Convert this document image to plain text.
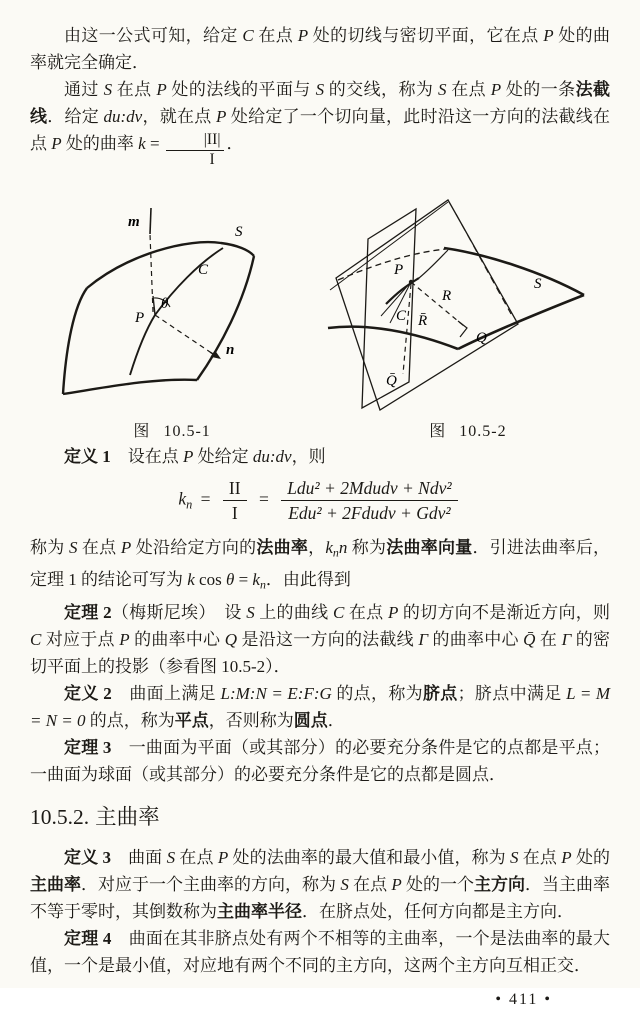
由这一公式可知，给定 C 在点 P 处的切线与密切平面，它在点 P 处的曲率就完全确定．

通过 S 在点 P 处的法线的平面与 S 的交线，称为 S 在点 P 处的一条法截线．给定 du:dv，就在点 P 处给定了一个切向量，此时沿这一方向的法截线在点 P 处的曲率 $k = \frac{|II|}{I}$ ．

m
S
C
P
θ
n
图 10.5-1
P
R
R̄
C
Q
Q̄
S
图 10.5-2

定义 1　设在点 P 处给定 du:dv，则

$k_n = \frac{II}{I} = \frac{\text{Ldu² + 2Mdudv + Ndv²}}{\text{Edu² + 2Fdudv + Gdv²}}$

称为 S 在点 P 处沿给定方向的法曲率，$k_nn$ 称为法曲率向量．引进法曲率后，定理 1 的结论可写为 k $\cos \theta = k_n$．由此得到

定理 2（梅斯尼埃）　设 S 上的曲线 C 在点 P 的切方向不是渐近方向，则 C 对应于点 P 的曲率中心 Q 是沿这一方向的法截线 Γ 的曲率中心 Q̄ 在 Γ 的密切平面上的投影（参看图 10.5-2）．

定义 2　曲面上满足 L:M:N = E:F:G 的点，称为脐点；脐点中满足 L = M = N = 0 的点，称为平点，否则称为圆点．

定理 3　一曲面为平面（或其部分）的必要充分条件是它的点都是平点；一曲面为球面（或其部分）的必要充分条件是它的点都是圆点．

10.5.2. 主曲率

定义 3　曲面 S 在点 P 处的法曲率的最大值和最小值，称为 S 在点 P 处的主曲率．对应于一个主曲率的方向，称为 S 在点 P 处的一个主方向．当主曲率不等于零时，其倒数称为主曲率半径．在脐点处，任何方向都是主方向．

定理 4　曲面在其非脐点处有两个不相等的主曲率，一个是法曲率的最大值，一个是最小值，对应地有两个不同的主方向，这两个主方向互相正交．

• 411 •
